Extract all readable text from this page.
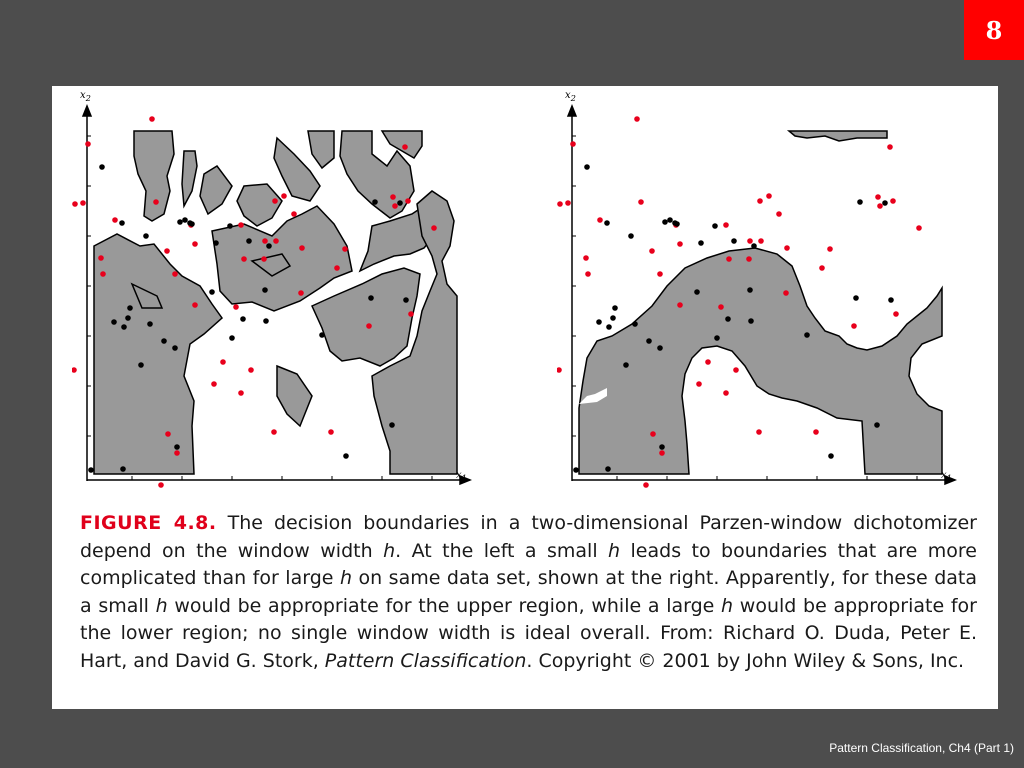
8
$x_2$
$x_1$
$x_2$
$x_1$

FIGURE 4.8. The decision boundaries in a two-dimensional Parzen-window dichotomizer depend on the window width h. At the left a small h leads to boundaries that are more complicated than for large h on same data set, shown at the right. Apparently, for these data a small h would be appropriate for the upper region, while a large h would be appropriate for the lower region; no single window width is ideal overall. From: Richard O. Duda, Peter E. Hart, and David G. Stork, Pattern Classification. Copyright © 2001 by John Wiley & Sons, Inc.

Pattern Classification, Ch4 (Part 1)
